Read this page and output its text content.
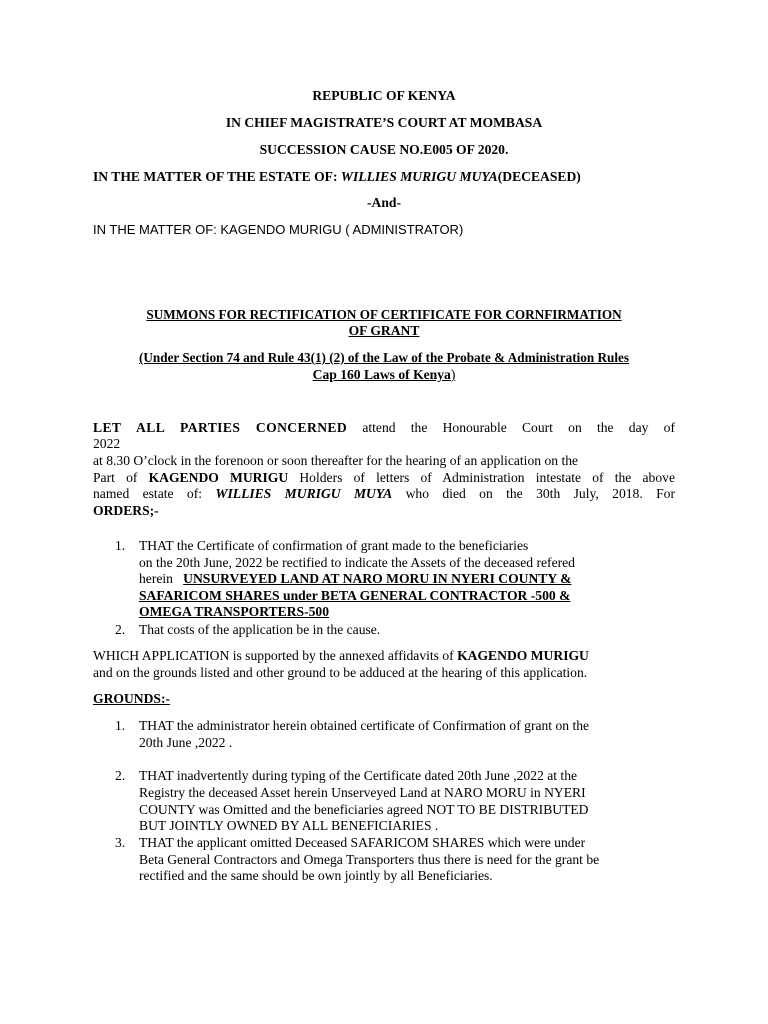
REPUBLIC OF KENYA
IN CHIEF MAGISTRATE’S COURT AT MOMBASA
SUCCESSION CAUSE NO.E005 OF 2020.
IN THE MATTER OF THE ESTATE OF: WILLIES MURIGU MUYA(DECEASED)
-And-
IN THE MATTER OF: KAGENDO MURIGU ( ADMINISTRATOR)
SUMMONS FOR RECTIFICATION OF CERTIFICATE FOR CORNFIRMATION
OF GRANT
(Under Section 74 and Rule 43(1) (2) of the Law of the Probate & Administration Rules
Cap 160 Laws of Kenya)
LET ALL PARTIES CONCERNED attend the Honourable Court on the day of
2022
at 8.30 O’clock in the forenoon or soon thereafter for the hearing of an application on the
Part of KAGENDO MURIGU Holders of letters of Administration intestate of the above
named estate of: WILLIES MURIGU MUYA who died on the 30th July, 2018. For
ORDERS;-
1. THAT the Certificate of confirmation of grant made to the beneficiaries
on the 20th June, 2022 be rectified to indicate the Assets of the deceased refered
herein UNSURVEYED LAND AT NARO MORU IN NYERI COUNTY &
SAFARICOM SHARES under BETA GENERAL CONTRACTOR -500 &
OMEGA TRANSPORTERS-500
2. That costs of the application be in the cause.
WHICH APPLICATION is supported by the annexed affidavits of KAGENDO MURIGU
and on the grounds listed and other ground to be adduced at the hearing of this application.
GROUNDS:-
1. THAT the administrator herein obtained certificate of Confirmation of grant on the
20th June ,2022 .
2. THAT inadvertently during typing of the Certificate dated 20th June ,2022 at the
Registry the deceased Asset herein Unserveyed Land at NARO MORU in NYERI
COUNTY was Omitted and the beneficiaries agreed NOT TO BE DISTRIBUTED
BUT JOINTLY OWNED BY ALL BENEFICIARIES .
3. THAT the applicant omitted Deceased SAFARICOM SHARES which were under
Beta General Contractors and Omega Transporters thus there is need for the grant be
rectified and the same should be own jointly by all Beneficiaries.
